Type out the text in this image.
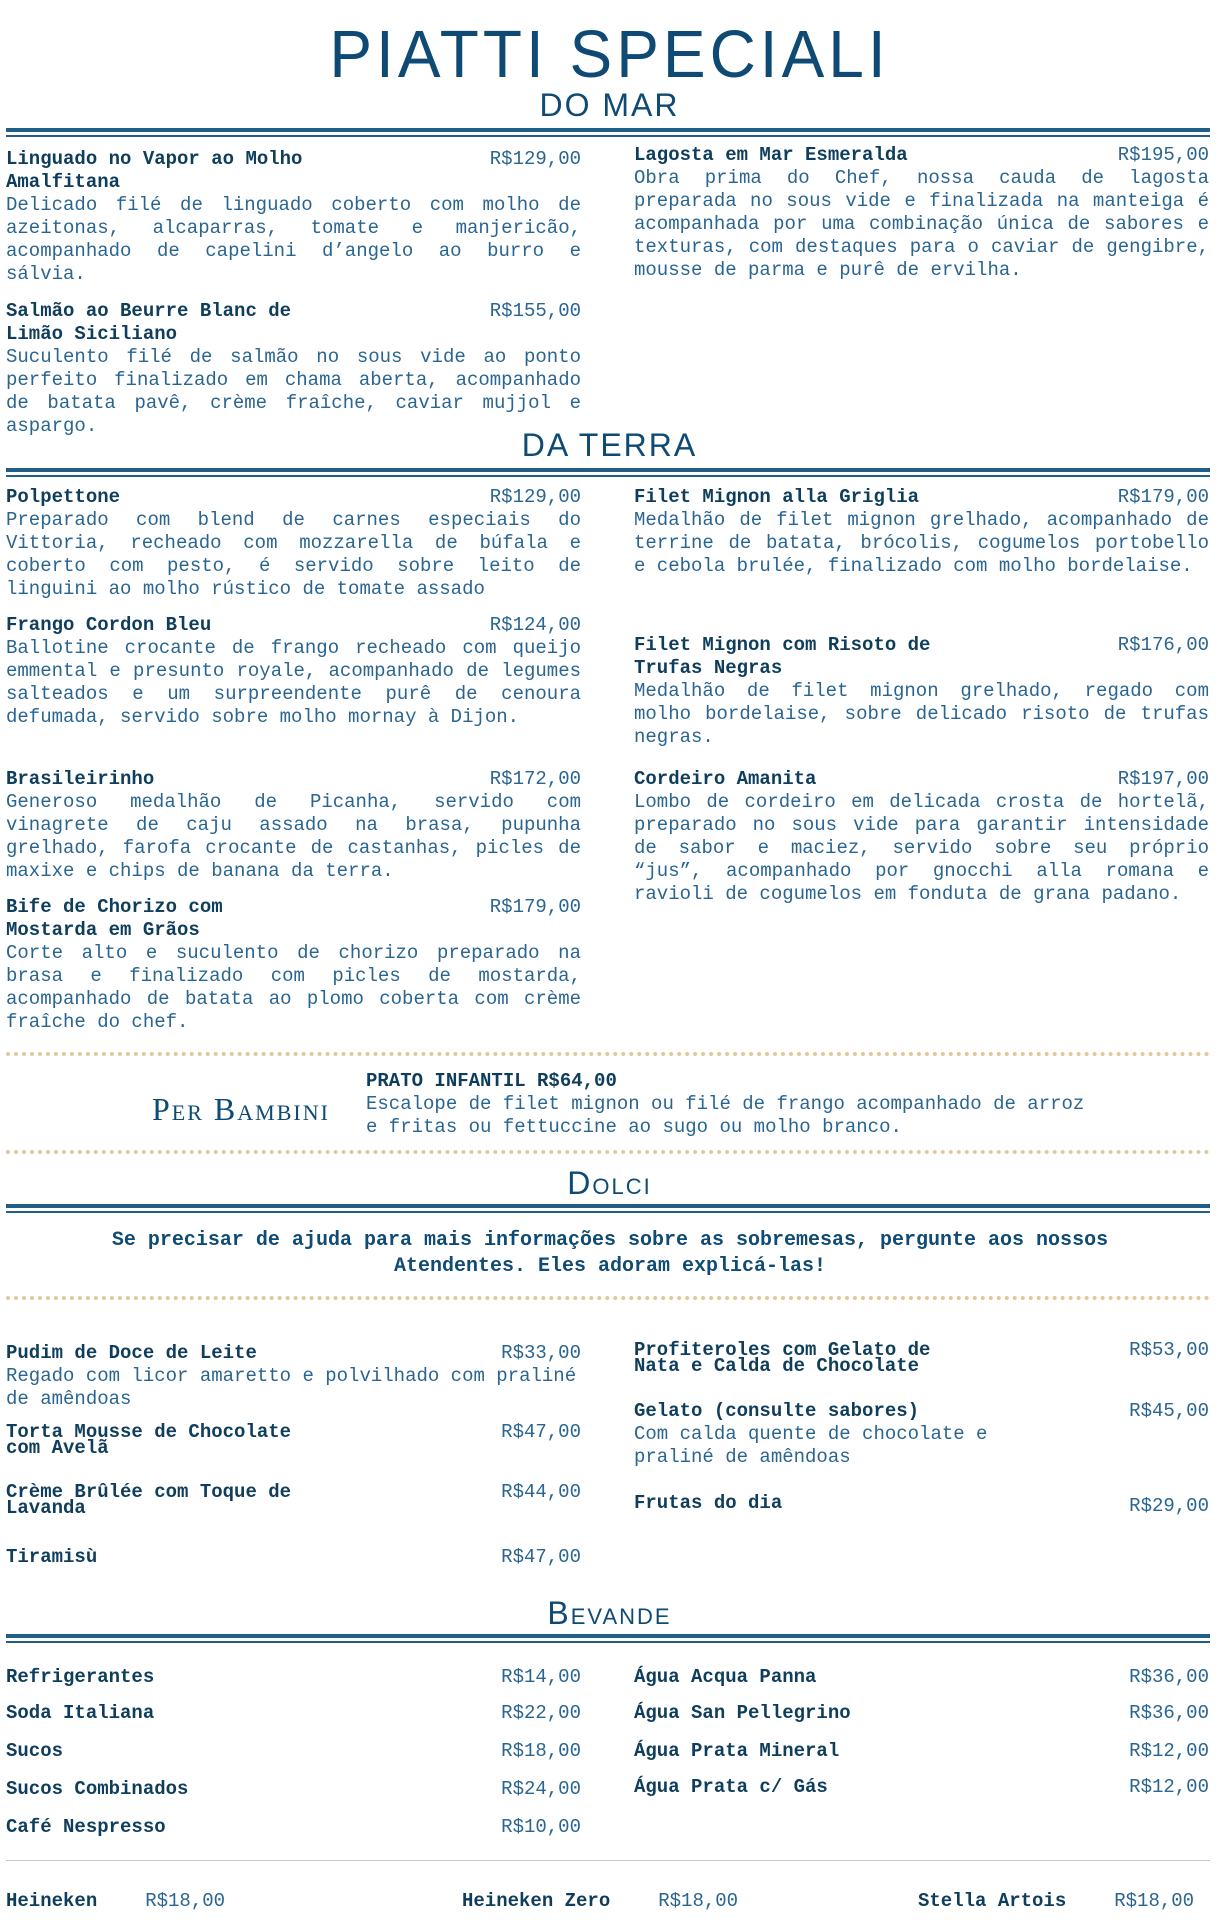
PIATTI SPECIALI
DO MAR
Linguado no Vapor ao Molho Amalfitana
R$129,00
Delicado filé de linguado coberto com molho de azeitonas, alcaparras, tomate e manjericão, acompanhado de capelini d’angelo ao burro e sálvia.
Salmão ao Beurre Blanc de Limão Siciliano
R$155,00
Suculento filé de salmão no sous vide ao ponto perfeito finalizado em chama aberta, acompanhado de batata pavê, crème fraîche, caviar mujjol e aspargo.
Lagosta em Mar Esmeralda	R$195,00
Obra prima do Chef, nossa cauda de lagosta preparada no sous vide e finalizada na manteiga é acompanhada por uma combinação única de sabores e texturas, com destaques para o caviar de gengibre, mousse de parma e purê de ervilha.
DA TERRA
Polpettone	R$129,00
Preparado com blend de carnes especiais do Vittoria, recheado com mozzarella de búfala e coberto com pesto, é servido sobre leito de linguini ao molho rústico de tomate assado
Frango Cordon Bleu	R$124,00
Ballotine crocante de frango recheado com queijo emmental e presunto royale, acompanhado de legumes salteados e um surpreendente purê de cenoura defumada, servido sobre molho mornay à Dijon.
Brasileirinho	R$172,00
Generoso medalhão de Picanha, servido com vinagrete de caju assado na brasa, pupunha grelhado, farofa crocante de castanhas, picles de maxixe e chips de banana da terra.
Bife de Chorizo com Mostarda em Grãos
R$179,00
Corte alto e suculento de chorizo preparado na brasa e finalizado com picles de mostarda, acompanhado de batata ao plomo coberta com crème fraîche do chef.
Filet Mignon alla Griglia	R$179,00
Medalhão de filet mignon grelhado, acompanhado de terrine de batata, brócolis, cogumelos portobello e cebola brulée, finalizado com molho bordelaise.
Filet Mignon com Risoto de Trufas Negras
R$176,00
Medalhão de filet mignon grelhado, regado com molho bordelaise, sobre delicado risoto de trufas negras.
Cordeiro Amanita	R$197,00
Lombo de cordeiro em delicada crosta de hortelã, preparado no sous vide para garantir intensidade de sabor e maciez, servido sobre seu próprio “jus”, acompanhado por gnocchi alla romana e ravioli de cogumelos em fonduta de grana padano.
Per Bambini
PRATO INFANTIL R$64,00
Escalope de filet mignon ou filé de frango acompanhado de arroz e fritas ou fettuccine ao sugo ou molho branco.
Dolci
Se precisar de ajuda para mais informações sobre as sobremesas, pergunte aos nossos Atendentes. Eles adoram explicá-las!
Pudim de Doce de Leite	R$33,00
Regado com licor amaretto e polvilhado com praliné de amêndoas
Torta Mousse de Chocolate com Avelã
R$47,00
Crème Brûlée com Toque de Lavanda
R$44,00
Tiramisù	R$47,00
Profiteroles com Gelato de Nata e Calda de Chocolate
R$53,00
Gelato (consulte sabores)	R$45,00
Com calda quente de chocolate e praliné de amêndoas
Frutas do dia	R$29,00
Bevande
Refrigerantes	R$14,00
Soda Italiana	R$22,00
Sucos	R$18,00
Sucos Combinados	R$24,00
Café Nespresso	R$10,00
Água Acqua Panna	R$36,00
Água San Pellegrino	R$36,00
Água Prata Mineral	R$12,00
Água Prata c/ Gás	R$12,00
Heineken	R$18,00	Heineken Zero	R$18,00	Stella Artois	R$18,00
